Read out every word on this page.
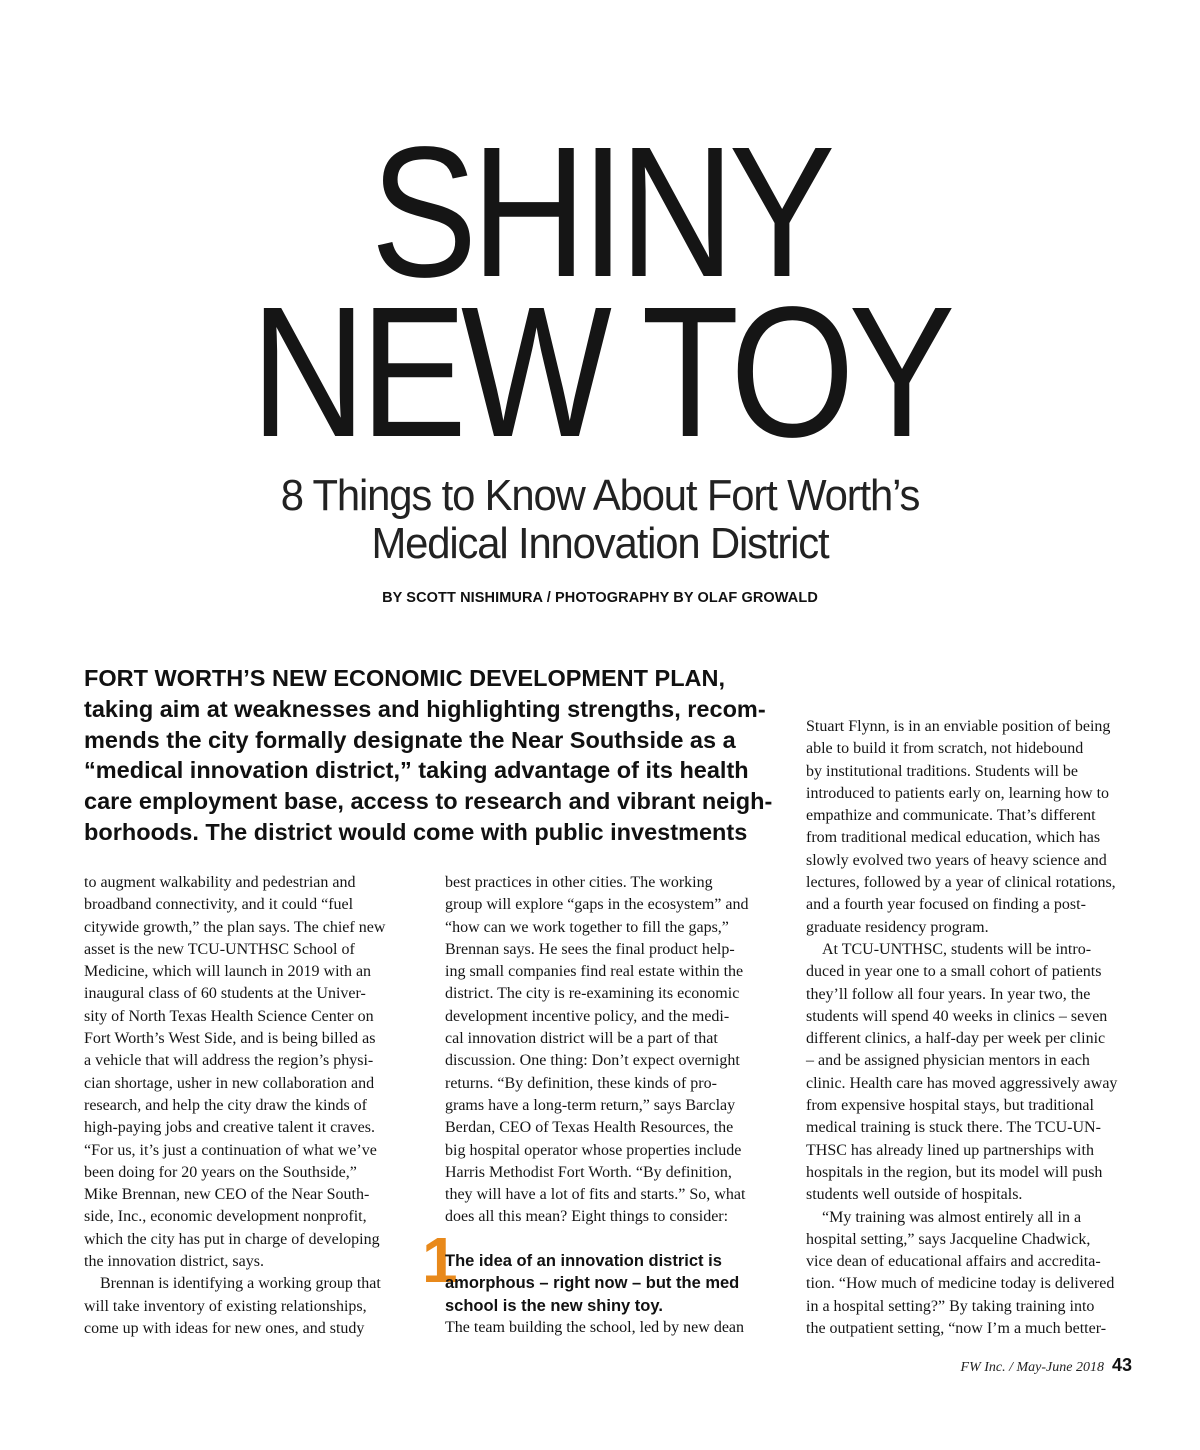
SHINY
NEW TOY
8 Things to Know About Fort Worth’s
Medical Innovation District
BY SCOTT NISHIMURA / PHOTOGRAPHY BY OLAF GROWALD
FORT WORTH’S NEW ECONOMIC DEVELOPMENT PLAN,
taking aim at weaknesses and highlighting strengths, recom-
mends the city formally designate the Near Southside as a
“medical innovation district,” taking advantage of its health
care employment base, access to research and vibrant neigh-
borhoods. The district would come with public investments
to augment walkability and pedestrian and
broadband connectivity, and it could “fuel
citywide growth,” the plan says. The chief new
asset is the new TCU-UNTHSC School of
Medicine, which will launch in 2019 with an
inaugural class of 60 students at the Univer-
sity of North Texas Health Science Center on
Fort Worth’s West Side, and is being billed as
a vehicle that will address the region’s physi-
cian shortage, usher in new collaboration and
research, and help the city draw the kinds of
high-paying jobs and creative talent it craves.
“For us, it’s just a continuation of what we’ve
been doing for 20 years on the Southside,”
Mike Brennan, new CEO of the Near South-
side, Inc., economic development nonprofit,
which the city has put in charge of developing
the innovation district, says.
Brennan is identifying a working group that
will take inventory of existing relationships,
come up with ideas for new ones, and study
best practices in other cities. The working
group will explore “gaps in the ecosystem” and
“how can we work together to fill the gaps,”
Brennan says. He sees the final product help-
ing small companies find real estate within the
district. The city is re-examining its economic
development incentive policy, and the medi-
cal innovation district will be a part of that
discussion. One thing: Don’t expect overnight
returns. “By definition, these kinds of pro-
grams have a long-term return,” says Barclay
Berdan, CEO of Texas Health Resources, the
big hospital operator whose properties include
Harris Methodist Fort Worth. “By definition,
they will have a lot of fits and starts.” So, what
does all this mean? Eight things to consider:
1
The idea of an innovation district is
amorphous – right now – but the med
school is the new shiny toy.
The team building the school, led by new dean
Stuart Flynn, is in an enviable position of being
able to build it from scratch, not hidebound
by institutional traditions. Students will be
introduced to patients early on, learning how to
empathize and communicate. That’s different
from traditional medical education, which has
slowly evolved two years of heavy science and
lectures, followed by a year of clinical rotations,
and a fourth year focused on finding a post-
graduate residency program.
At TCU-UNTHSC, students will be intro-
duced in year one to a small cohort of patients
they’ll follow all four years. In year two, the
students will spend 40 weeks in clinics – seven
different clinics, a half-day per week per clinic
– and be assigned physician mentors in each
clinic. Health care has moved aggressively away
from expensive hospital stays, but traditional
medical training is stuck there. The TCU-UN-
THSC has already lined up partnerships with
hospitals in the region, but its model will push
students well outside of hospitals.
“My training was almost entirely all in a
hospital setting,” says Jacqueline Chadwick,
vice dean of educational affairs and accredita-
tion. “How much of medicine today is delivered
in a hospital setting?” By taking training into
the outpatient setting, “now I’m a much better-
FW Inc. / May-June 2018 43
